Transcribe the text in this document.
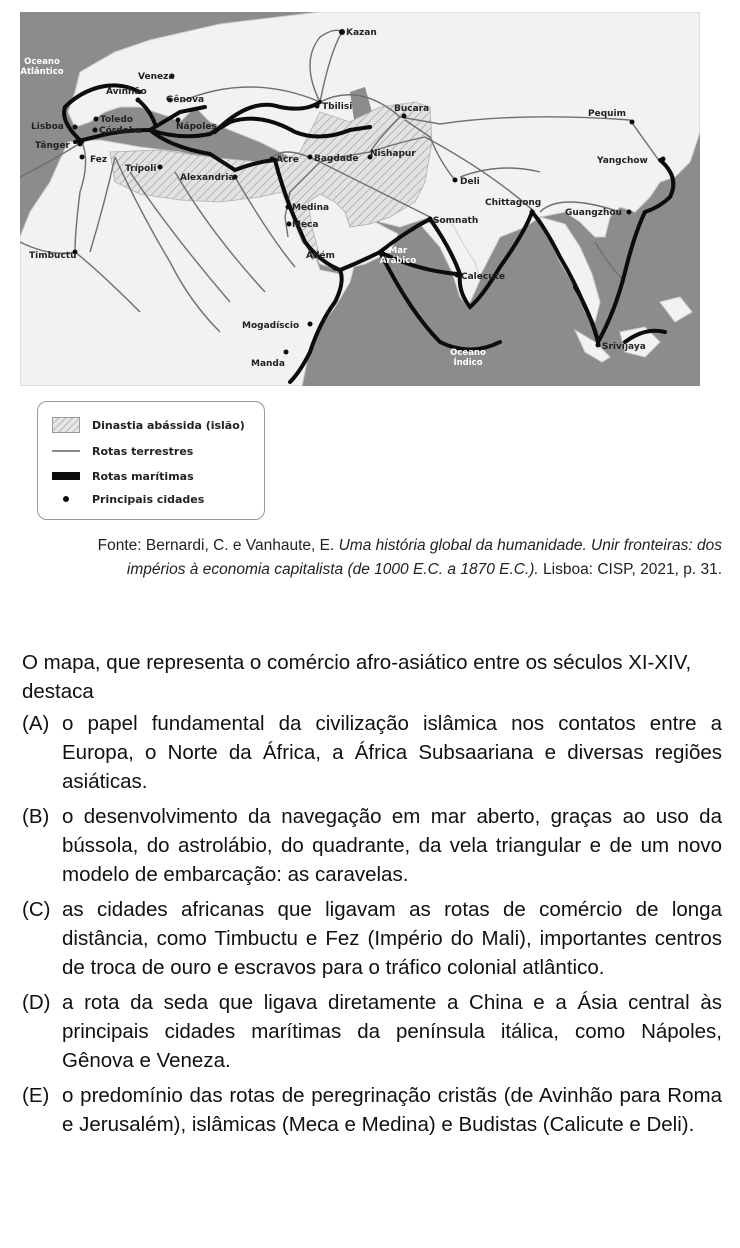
Oceano
Atlântico
Mar
Arábico
Oceano
Índico
Kazan
Veneza
Avinhão
Gênova
Lisboa
Toledo
Córdoba	Nápoles
Tânger
Fez
Trípoli
Alexandria
Tbilisi	Bucara	Pequim
Acre Bagdade Nishapur
Yangchow
Deli
Medina
Meca	Somnath
Chittagong
Guangzhou
Timbuctu	Adém
Calecute
Mogadíscio
Manda
Srivijaya
Dinastia abássida (islão)
Rotas terrestres
Rotas marítimas
Principais cidades
Fonte: Bernardi, C. e Vanhaute, E. Uma história global da humanidade. Unir fronteiras: dos impérios à economia capitalista (de 1000 E.C. a 1870 E.C.). Lisboa: CISP, 2021, p. 31.
O mapa, que representa o comércio afro-asiático entre os séculos XI-XIV, destaca
(A) o papel fundamental da civilização islâmica nos contatos entre a Europa, o Norte da África, a África Subsaariana e diversas regiões asiáticas.
(B) o desenvolvimento da navegação em mar aberto, graças ao uso da bússola, do astrolábio, do quadrante, da vela triangular e de um novo modelo de embarcação: as caravelas.
(C) as cidades africanas que ligavam as rotas de comércio de longa distância, como Timbuctu e Fez (Império do Mali), importantes centros de troca de ouro e escravos para o tráfico colonial atlântico.
(D) a rota da seda que ligava diretamente a China e a Ásia central às principais cidades marítimas da península itálica, como Nápoles, Gênova e Veneza.
(E) o predomínio das rotas de peregrinação cristãs (de Avinhão para Roma e Jerusalém), islâmicas (Meca e Medina) e Budistas (Calicute e Deli).
